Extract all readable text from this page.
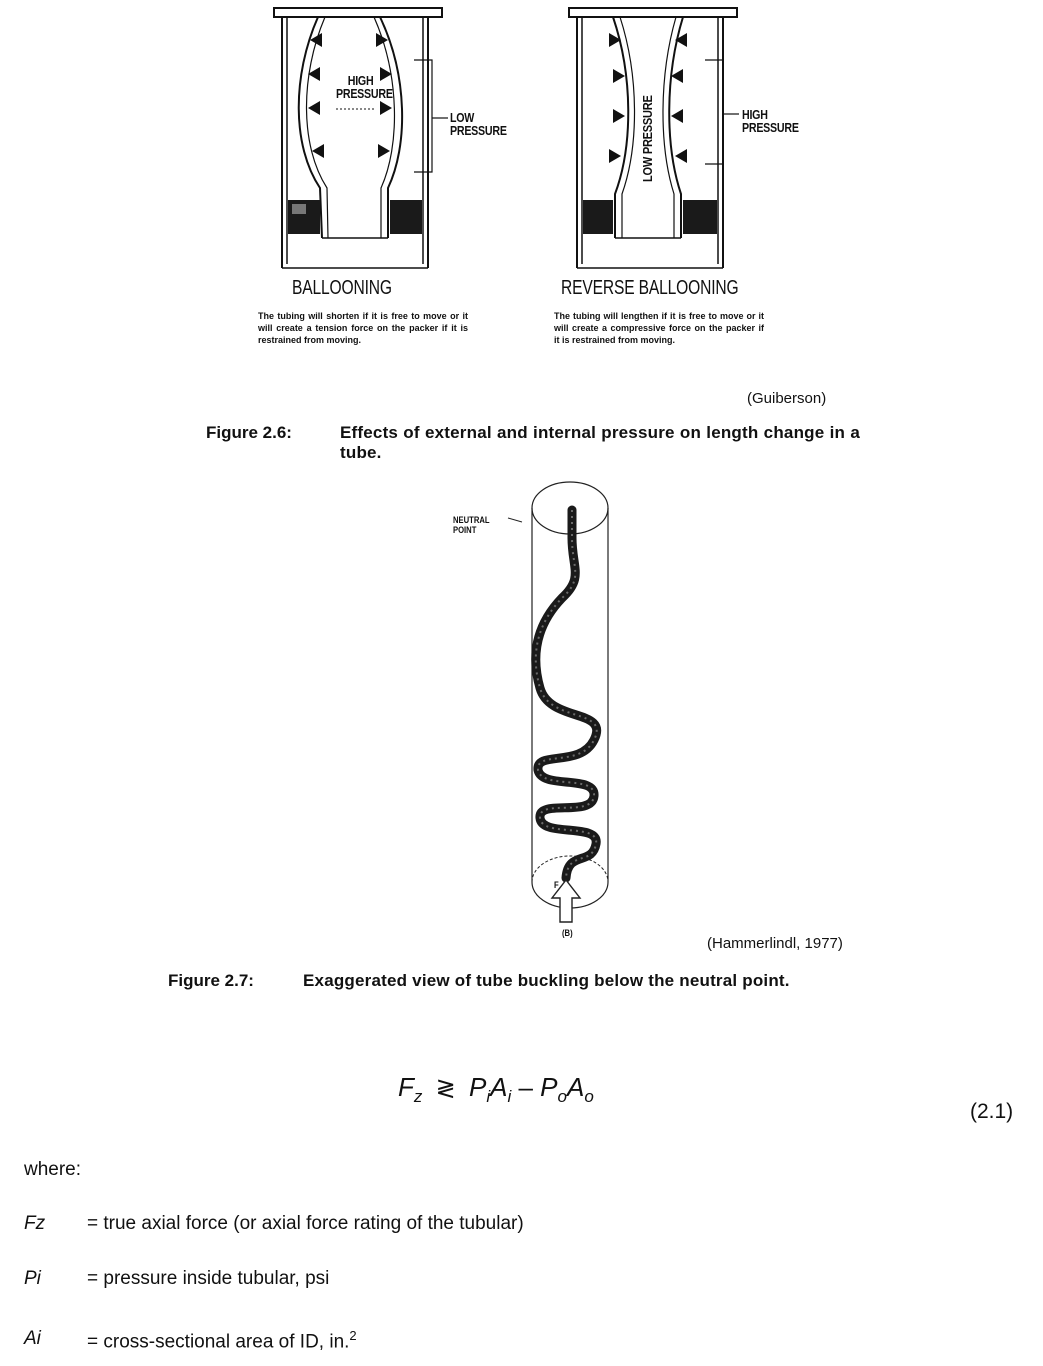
HIGH PRESSURE
LOW PRESSURE
BALLOONING
The tubing will shorten if it is free to move or it will create a tension force on the packer if it is restrained from moving.
LOW PRESSURE	HIGH PRESSURE
REVERSE BALLOONING
The tubing will lengthen if it is free to move or it will create a compressive force on the packer if it is restrained from moving.
(Guiberson)
Figure 2.6:	Effects of external and internal pressure on length change in a tube.
NEUTRAL POINT
F
(B)
(Hammerlindl, 1977)
Figure 2.7:	Exaggerated view of tube buckling below the neutral point.
$F_z$ ≷ $P_iA_i - P_oA_o$
(2.1)
where:
Fz = true axial force (or axial force rating of the tubular)
Pi = pressure inside tubular, psi
Ai = cross-sectional area of ID, in.$^2$
